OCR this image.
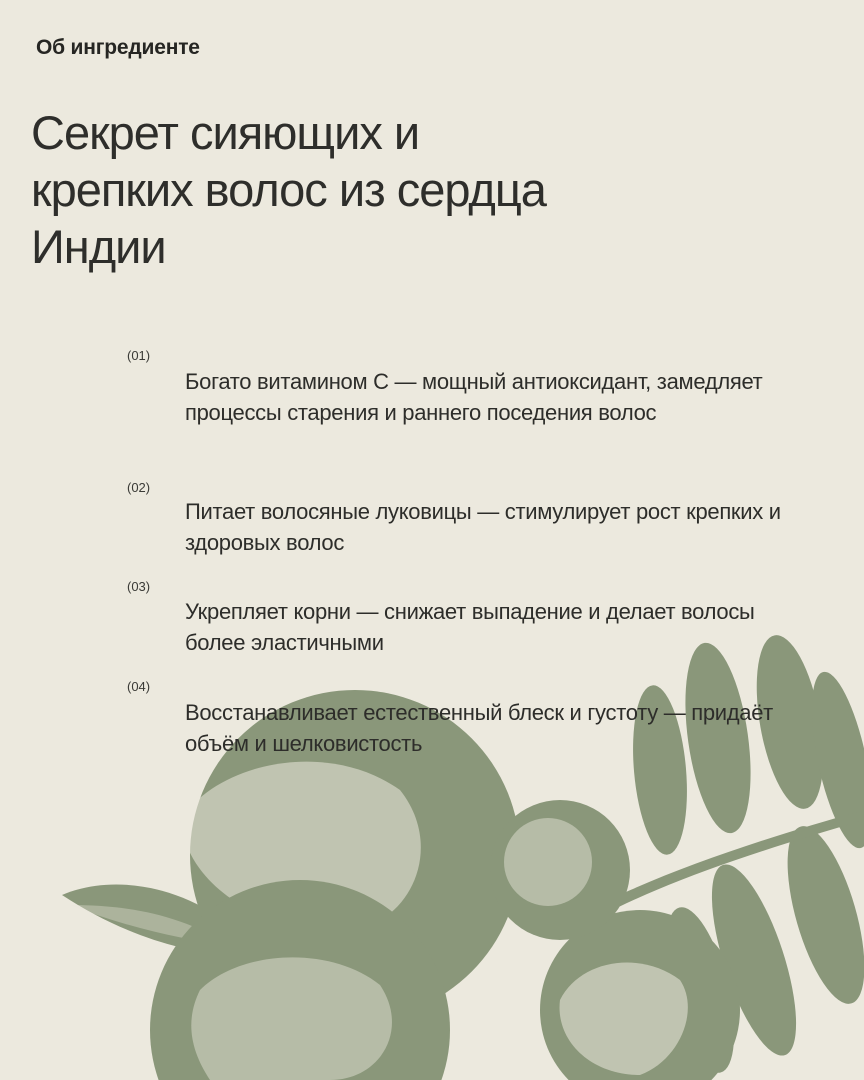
Об ингредиенте
Секрет сияющих и крепких волос из сердца Индии
(01)
Богато витамином С — мощный антиоксидант, замедляет процессы старения и раннего поседения волос
(02)
Питает волосяные луковицы — стимулирует рост крепких и здоровых волос
(03)
Укрепляет корни — снижает выпадение и делает волосы более эластичными
(04)
Восстанавливает естественный блеск и густоту — придаёт объём и шелковистость
